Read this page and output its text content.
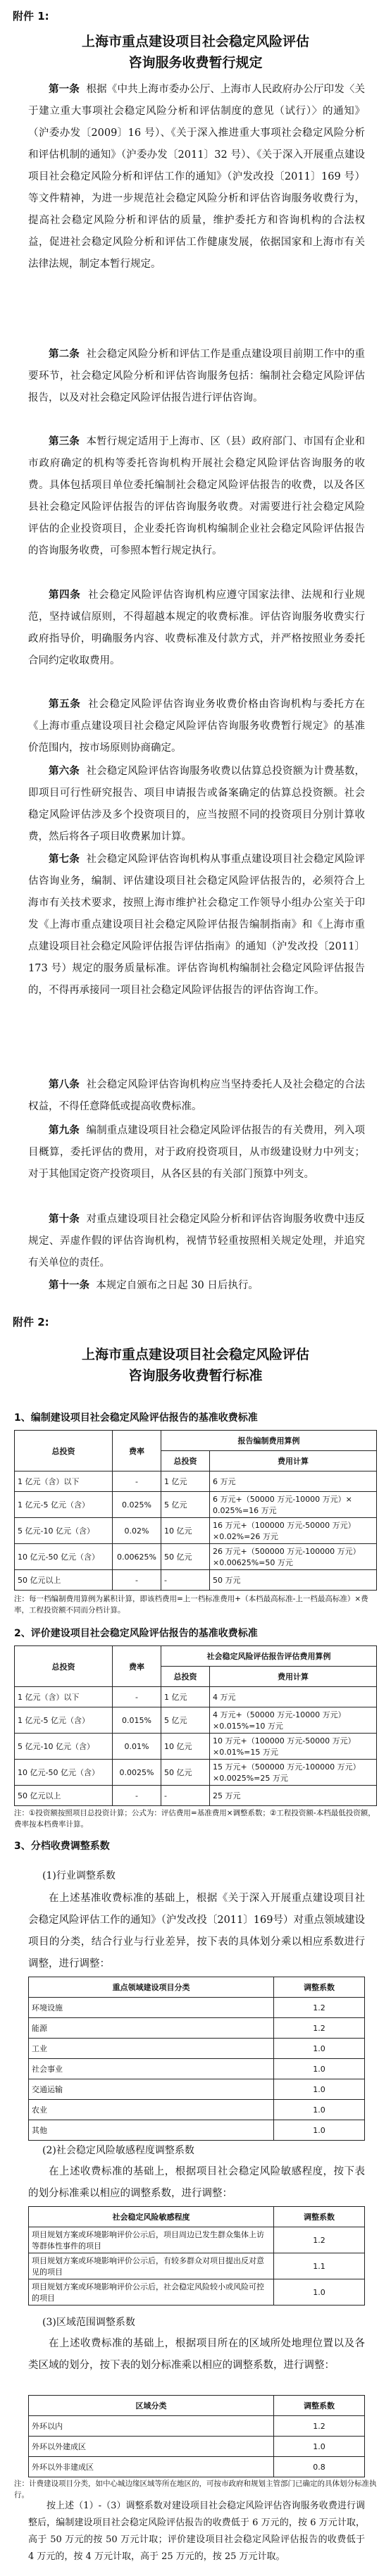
附件 1:
上海市重点建设项目社会稳定风险评估
咨询服务收费暂行规定
第一条 根据《中共上海市委办公厅、上海市人民政府办公厅印发〈关于建立重大事项社会稳定风险分析和评估制度的意见（试行）〉的通知》（沪委办发〔2009〕16 号）、《关于深入推进重大事项社会稳定风险分析和评估机制的通知》（沪委办发〔2011〕32 号）、《关于深入开展重点建设项目社会稳定风险分析和评估工作的通知》（沪发改投〔2011〕169 号）等文件精神，为进一步规范社会稳定风险分析和评估咨询服务收费行为，提高社会稳定风险分析和评估的质量，维护委托方和咨询机构的合法权益，促进社会稳定风险分析和评估工作健康发展，依据国家和上海市有关法律法规，制定本暂行规定。
第二条 社会稳定风险分析和评估工作是重点建设项目前期工作中的重要环节，社会稳定风险分析和评估咨询服务包括：编制社会稳定风险评估报告，以及对社会稳定风险评估报告进行评估咨询。
第三条 本暂行规定适用于上海市、区（县）政府部门、市国有企业和市政府确定的机构等委托咨询机构开展社会稳定风险评估咨询服务的收费。具体包括项目单位委托编制社会稳定风险评估报告的收费，以及各区县社会稳定风险评估报告的评估咨询服务收费。对需要进行社会稳定风险评估的企业投资项目，企业委托咨询机构编制企业社会稳定风险评估报告的咨询服务收费，可参照本暂行规定执行。
第四条 社会稳定风险评估咨询机构应遵守国家法律、法规和行业规范，坚持诚信原则，不得超越本规定的收费标准。评估咨询服务收费实行政府指导价，明确服务内容、收费标准及付款方式，并严格按照业务委托合同约定收取费用。
第五条 社会稳定风险评估咨询业务收费价格由咨询机构与委托方在《上海市重点建设项目社会稳定风险评估咨询服务收费暂行规定》的基准价范围内，按市场原则协商确定。
第六条 社会稳定风险评估咨询服务收费以估算总投资额为计费基数，即项目可行性研究报告、项目申请报告或备案确定的估算总投资额。社会稳定风险评估涉及多个投资项目的，应当按照不同的投资项目分别计算收费，然后将各子项目收费累加计算。
第七条 社会稳定风险评估咨询机构从事重点建设项目社会稳定风险评估咨询业务，编制、评估建设项目社会稳定风险评估报告的，必须符合上海市有关技术要求，按照上海市维护社会稳定工作领导小组办公室关于印发《上海市重点建设项目社会稳定风险评估报告编制指南》和《上海市重点建设项目社会稳定风险评估报告评估指南》的通知（沪发改投〔2011〕173 号）规定的服务质量标准。评估咨询机构编制社会稳定风险评估报告的，不得再承接同一项目社会稳定风险评估报告的评估咨询工作。
第八条 社会稳定风险评估咨询机构应当坚持委托人及社会稳定的合法权益，不得任意降低或提高收费标准。
第九条 编制重点建设项目社会稳定风险评估报告的有关费用，列入项目概算，委托评估的费用，对于政府投资项目，从市级建设财力中列支；对于其他国定资产投资项目，从各区县的有关部门预算中列支。
第十条 对重点建设项目社会稳定风险分析和评估咨询服务收费中违反规定、弄虚作假的评估咨询机构，视情节轻重按照相关规定处理，并追究有关单位的责任。
第十一条 本规定自颁布之日起 30 日后执行。
附件 2:
上海市重点建设项目社会稳定风险评估
咨询服务收费暂行标准
1、编制建设项目社会稳定风险评估报告的基准收费标准
总投资	费率	报告编制费用算例	
		总投资	费用计算
1 亿元（含）以下	-	1 亿元	6 万元
1 亿元-5 亿元（含）	0.025%	5 亿元	6 万元+（50000 万元-10000 万元）× 0.025%=16 万元
5 亿元-10 亿元（含）	0.02%	10 亿元	16 万元+（100000 万元-50000 万元）×0.02%=26 万元
10 亿元-50 亿元（含）	0.00625%	50 亿元	26 万元+（500000 万元-100000 万元）×0.00625%=50 万元
50 亿元以上	-	-	50 万元
注：每一档编制费用算例为累积计算，即该档费用=上一档标准费用+（本档最高标准-上一档最高标准）×费率，工程投资额不同而分档计算。
2、评价建设项目社会稳定风险评估报告的基准收费标准
总投资	费率	社会稳定风险评估报告评估费用算例	
		总投资	费用计算
1 亿元（含）以下	-	1 亿元	4 万元
1 亿元-5 亿元（含）	0.015%	5 亿元	4 万元+（50000 万元-10000 万元）×0.015%=10 万元
5 亿元-10 亿元（含）	0.01%	10 亿元	10 万元+（100000 万元-50000 万元）×0.01%=15 万元
10 亿元-50 亿元（含）	0.0025%	50 亿元	15 万元+（500000 万元-100000 万元）×0.0025%=25 万元
50 亿元以上	-	-	25 万元
注：①投资额按照项目总投资计算；公式为：评估费用=基准费用×调整系数；②工程投资额-本档最低投资额，费率按本档费率计算。
3、分档收费调整系数
(1)行业调整系数
在上述基准收费标准的基础上，根据《关于深入开展重点建设项目社会稳定风险评估工作的通知》（沪发改投〔2011〕169号）对重点领域建设项目的分类，结合行业与行业差异，按下表的具体划分乘以相应系数进行调整，进行调整：
重点领域建设项目分类	调整系数
环境设施	1.2
能源	1.2
工业	1.0
社会事业	1.0
交通运输	1.0
农业	1.0
其他	1.0
(2)社会稳定风险敏感程度调整系数
在上述收费标准的基础上，根据项目社会稳定风险敏感程度，按下表的划分标准乘以相应的调整系数，进行调整：
社会稳定风险敏感程度	调整系数
项目规划方案或环境影响评价公示后，项目周边已发生群众集体上访等群体性事件的项目	1.2
项目规划方案或环境影响评价公示后，有较多群众对项目提出反对意见的项目	1.1
项目规划方案或环境影响评价公示后，社会稳定风险较小或风险可控的项目	1.0
(3)区域范围调整系数
在上述收费标准的基础上，根据项目所在的区域所处地理位置以及各类区域的划分，按下表的划分标准乘以相应的调整系数，进行调整：
区域分类	调整系数
外环以内	1.2
外环以外建成区	1.0
外环以外非建成区	0.8
注：计费建设项目分类，如中心城边缘区域等所在地区的，可按市政府和规划主管部门已确定的具体划分标准执行。
按上述（1）-（3）调整系数对建设项目社会稳定风险评估咨询服务收费进行调整后，编制建设项目社会稳定风险评估报告的收费低于 6 万元的，按 6 万元计取，高于 50 万元的按 50 万元计取；评价建设项目社会稳定风险评估报告的收费低于 4 万元的，按 4 万元计取，高于 25 万元的，按 25 万元计取。
